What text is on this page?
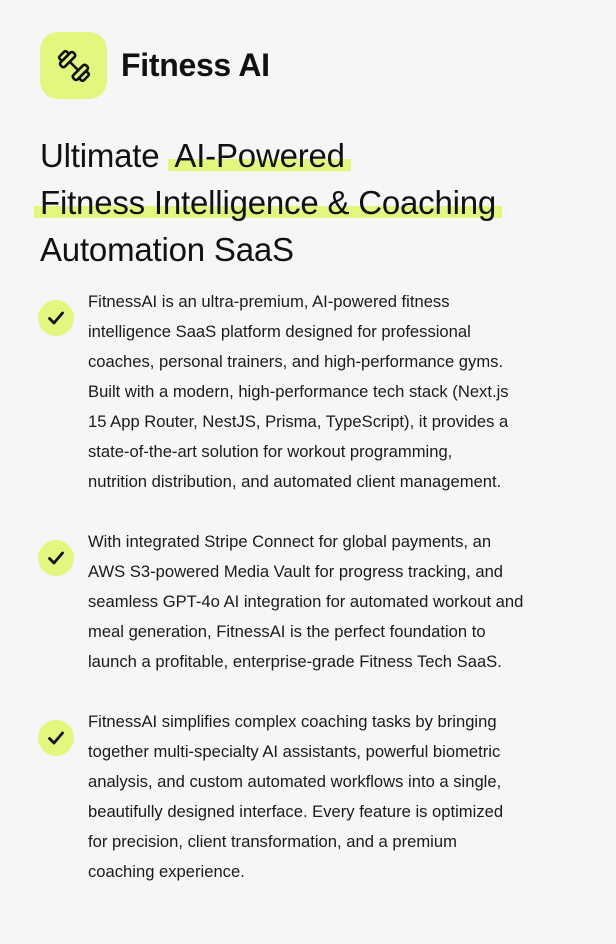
Fitness AI
Ultimate AI-Powered
Fitness Intelligence & Coaching
Automation SaaS

FitnessAI is an ultra-premium, AI-powered fitness
intelligence SaaS platform designed for professional
coaches, personal trainers, and high-performance gyms.
Built with a modern, high-performance tech stack (Next.js
15 App Router, NestJS, Prisma, TypeScript), it provides a
state-of-the-art solution for workout programming,
nutrition distribution, and automated client management.

With integrated Stripe Connect for global payments, an
AWS S3-powered Media Vault for progress tracking, and
seamless GPT-4o AI integration for automated workout and
meal generation, FitnessAI is the perfect foundation to
launch a profitable, enterprise-grade Fitness Tech SaaS.

FitnessAI simplifies complex coaching tasks by bringing
together multi-specialty AI assistants, powerful biometric
analysis, and custom automated workflows into a single,
beautifully designed interface. Every feature is optimized
for precision, client transformation, and a premium
coaching experience.
